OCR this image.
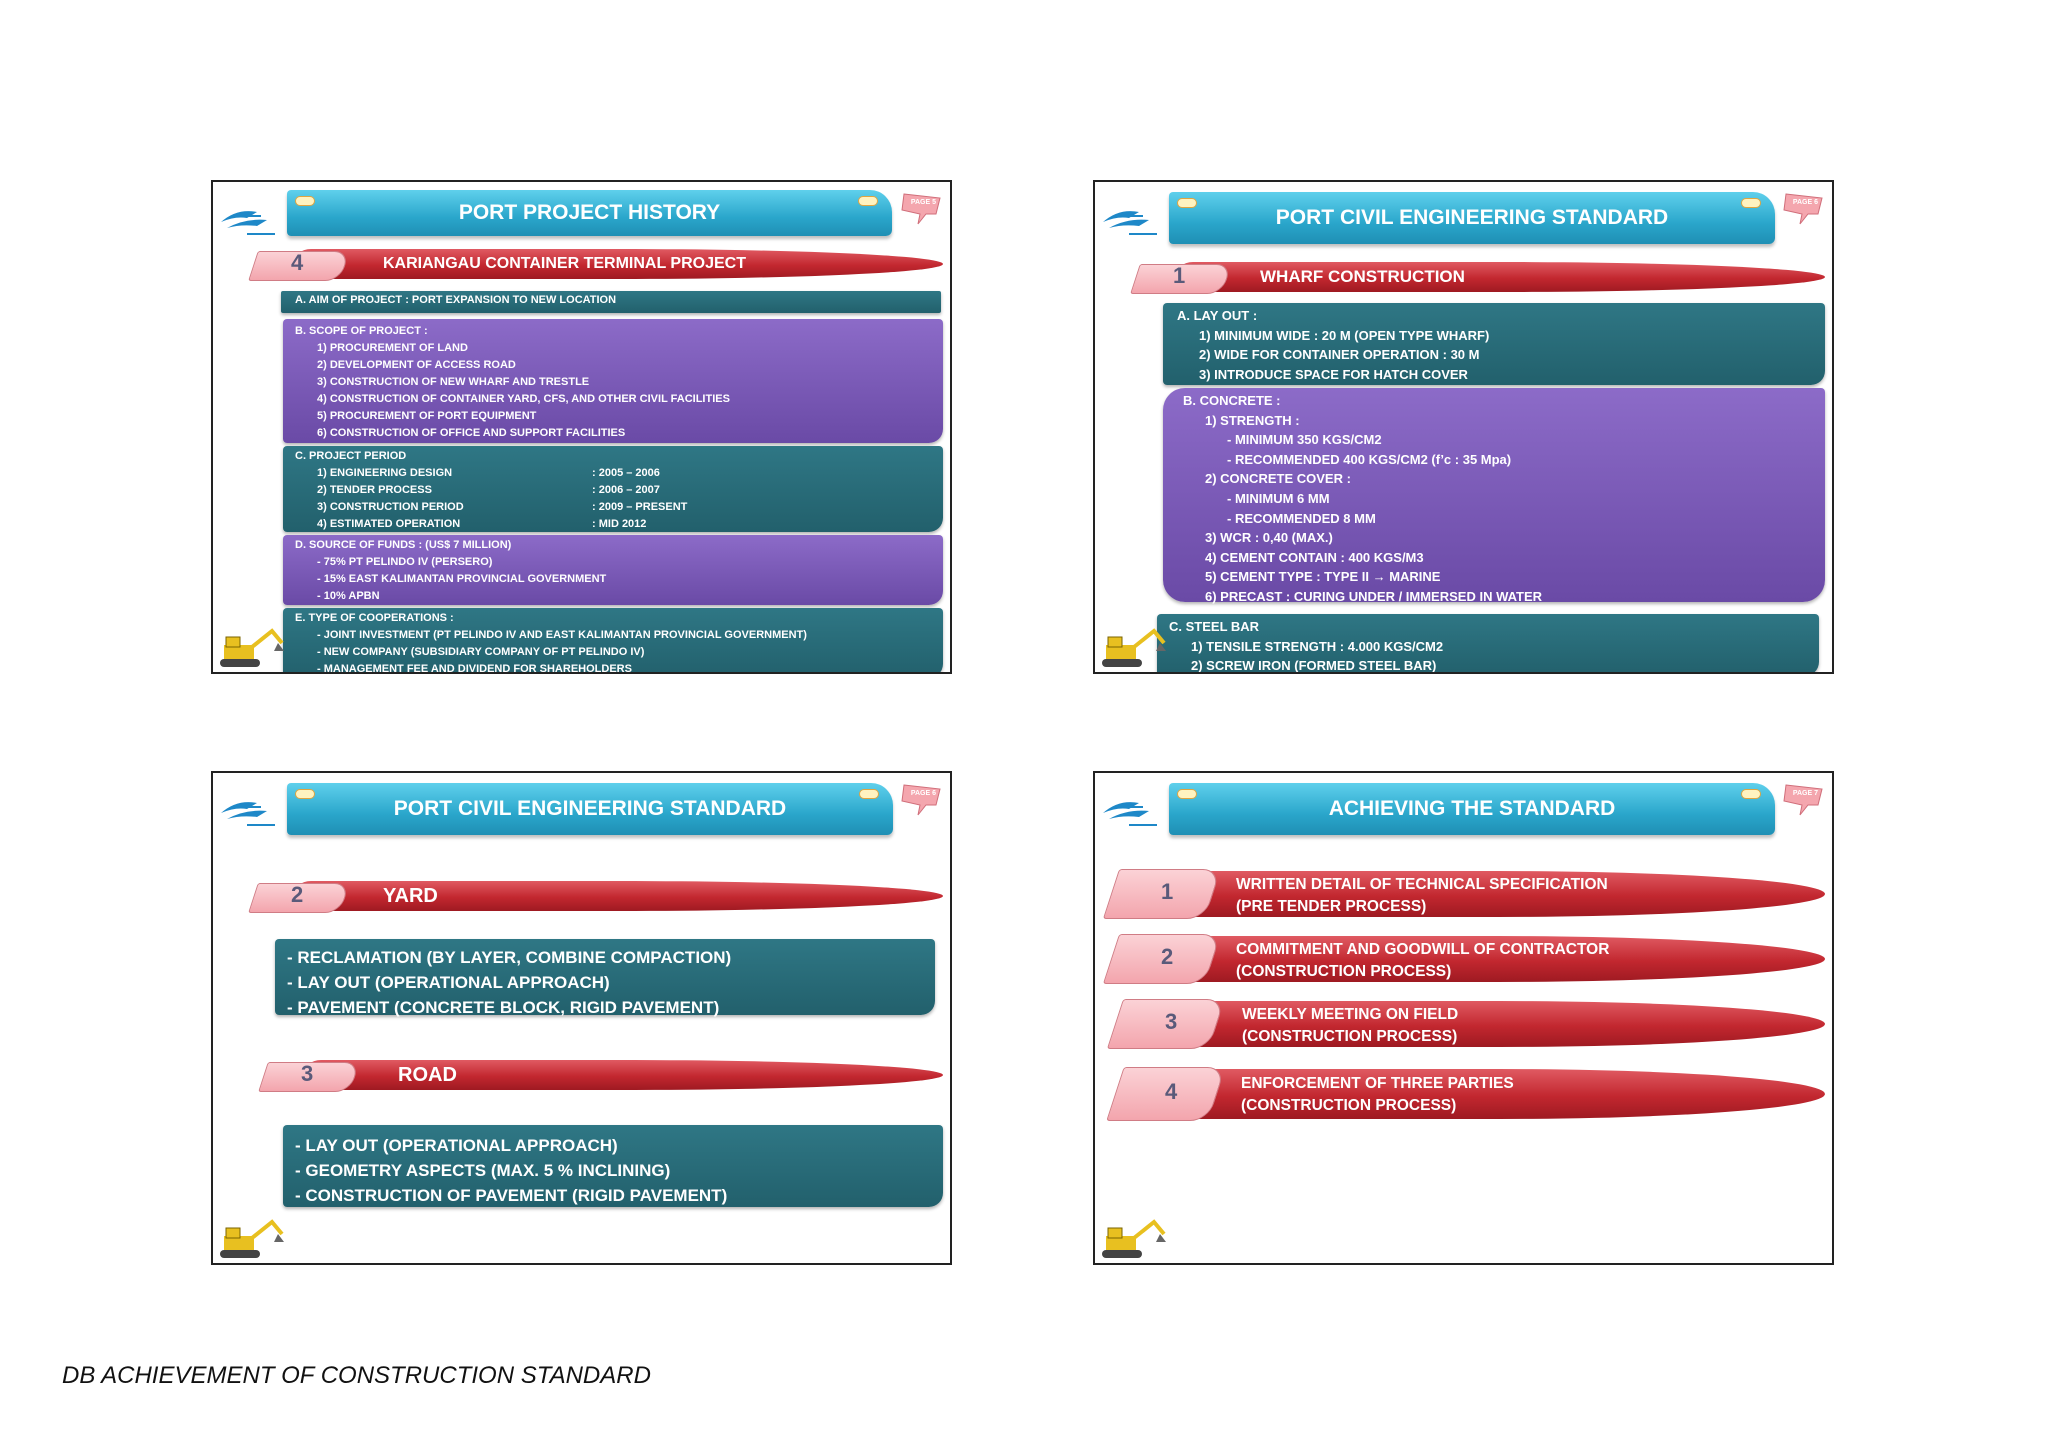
PORT PROJECT HISTORY	PAGE 5
4	KARIANGAU CONTAINER TERMINAL PROJECT
A. AIM OF PROJECT : PORT EXPANSION TO NEW LOCATION
B. SCOPE OF PROJECT :
1) PROCUREMENT OF LAND
2) DEVELOPMENT OF ACCESS ROAD
3) CONSTRUCTION OF NEW WHARF AND TRESTLE
4) CONSTRUCTION OF CONTAINER YARD, CFS, AND OTHER CIVIL FACILITIES
5) PROCUREMENT OF PORT EQUIPMENT
6) CONSTRUCTION OF OFFICE AND SUPPORT FACILITIES
C. PROJECT PERIOD
1) ENGINEERING DESIGN	: 2005 – 2006
2) TENDER PROCESS	: 2006 – 2007
3) CONSTRUCTION PERIOD	: 2009 – PRESENT
4) ESTIMATED OPERATION	: MID 2012
D. SOURCE OF FUNDS : (US$ 7 MILLION)
- 75% PT PELINDO IV (PERSERO)
- 15% EAST KALIMANTAN PROVINCIAL GOVERNMENT
- 10% APBN
E. TYPE OF COOPERATIONS :
- JOINT INVESTMENT (PT PELINDO IV AND EAST KALIMANTAN PROVINCIAL GOVERNMENT)
- NEW COMPANY (SUBSIDIARY COMPANY OF PT PELINDO IV)
- MANAGEMENT FEE AND DIVIDEND FOR SHAREHOLDERS
PORT CIVIL ENGINEERING STANDARD
PAGE 6
1	WHARF CONSTRUCTION
A. LAY OUT :
1) MINIMUM WIDE : 20 M (OPEN TYPE WHARF)
2) WIDE FOR CONTAINER OPERATION : 30 M
3) INTRODUCE SPACE FOR HATCH COVER
B. CONCRETE :
1) STRENGTH :
- MINIMUM 350 KGS/CM2
- RECOMMENDED 400 KGS/CM2 (f’c : 35 Mpa)
2) CONCRETE COVER :
- MINIMUM 6 MM
- RECOMMENDED 8 MM
3) WCR : 0,40 (MAX.)
4) CEMENT CONTAIN : 400 KGS/M3
5) CEMENT TYPE : TYPE II → MARINE
6) PRECAST : CURING UNDER / IMMERSED IN WATER
C. STEEL BAR
1) TENSILE STRENGTH : 4.000 KGS/CM2
2) SCREW IRON (FORMED STEEL BAR)
PORT CIVIL ENGINEERING STANDARD
PAGE 6
2	YARD
- RECLAMATION (BY LAYER, COMBINE COMPACTION)
- LAY OUT (OPERATIONAL APPROACH)
- PAVEMENT (CONCRETE BLOCK, RIGID PAVEMENT)
3	ROAD
- LAY OUT (OPERATIONAL APPROACH)
- GEOMETRY ASPECTS (MAX. 5 % INCLINING)
- CONSTRUCTION OF PAVEMENT (RIGID PAVEMENT)
ACHIEVING THE STANDARD
PAGE 7
1	WRITTEN DETAIL OF TECHNICAL SPECIFICATION
(PRE TENDER PROCESS)
2	COMMITMENT AND GOODWILL OF CONTRACTOR
(CONSTRUCTION PROCESS)
3	WEEKLY MEETING ON FIELD
(CONSTRUCTION PROCESS)
4	ENFORCEMENT OF THREE PARTIES
(CONSTRUCTION PROCESS)
DB ACHIEVEMENT OF CONSTRUCTION STANDARD
